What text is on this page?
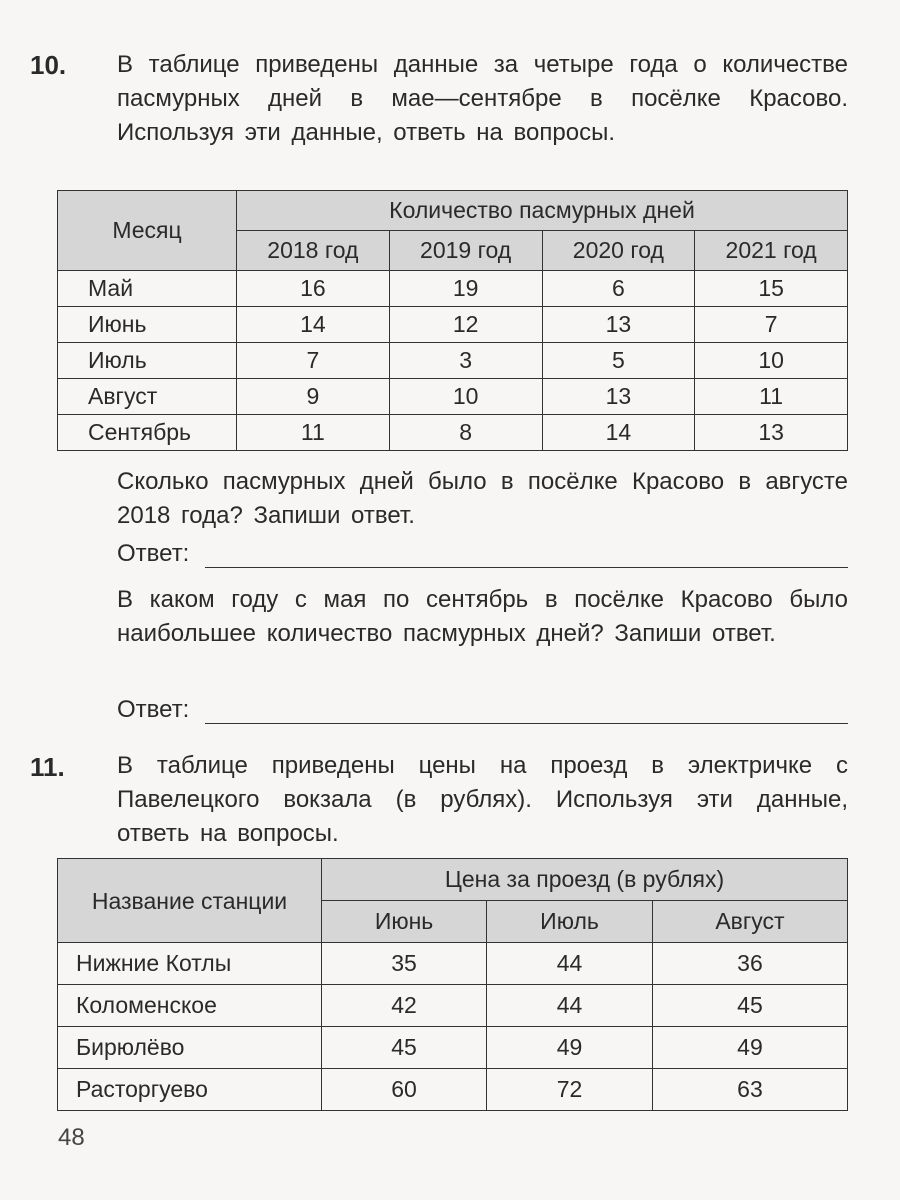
10. В таблице приведены данные за четыре года о количестве пасмурных дней в мае—сентябре в посёлке Красово. Используя эти данные, ответь на вопросы.
Месяц	Количество пасмурных дней			
	2018 год	2019 год	2020 год	2021 год
Май	16	19	6	15
Июнь	14	12	13	7
Июль	7	3	5	10
Август	9	10	13	11
Сентябрь	11	8	14	13
Сколько пасмурных дней было в посёлке Красово в августе 2018 года? Запиши ответ.
Ответ:
В каком году с мая по сентябрь в посёлке Красово было наибольшее количество пасмурных дней? Запиши ответ.
Ответ:
11. В таблице приведены цены на проезд в электричке с Павелецкого вокзала (в рублях). Используя эти данные, ответь на вопросы.
Название станции	Цена за проезд (в рублях)		
	Июнь	Июль	Август
Нижние Котлы	35	44	36
Коломенское	42	44	45
Бирюлёво	45	49	49
Расторгуево	60	72	63
48
